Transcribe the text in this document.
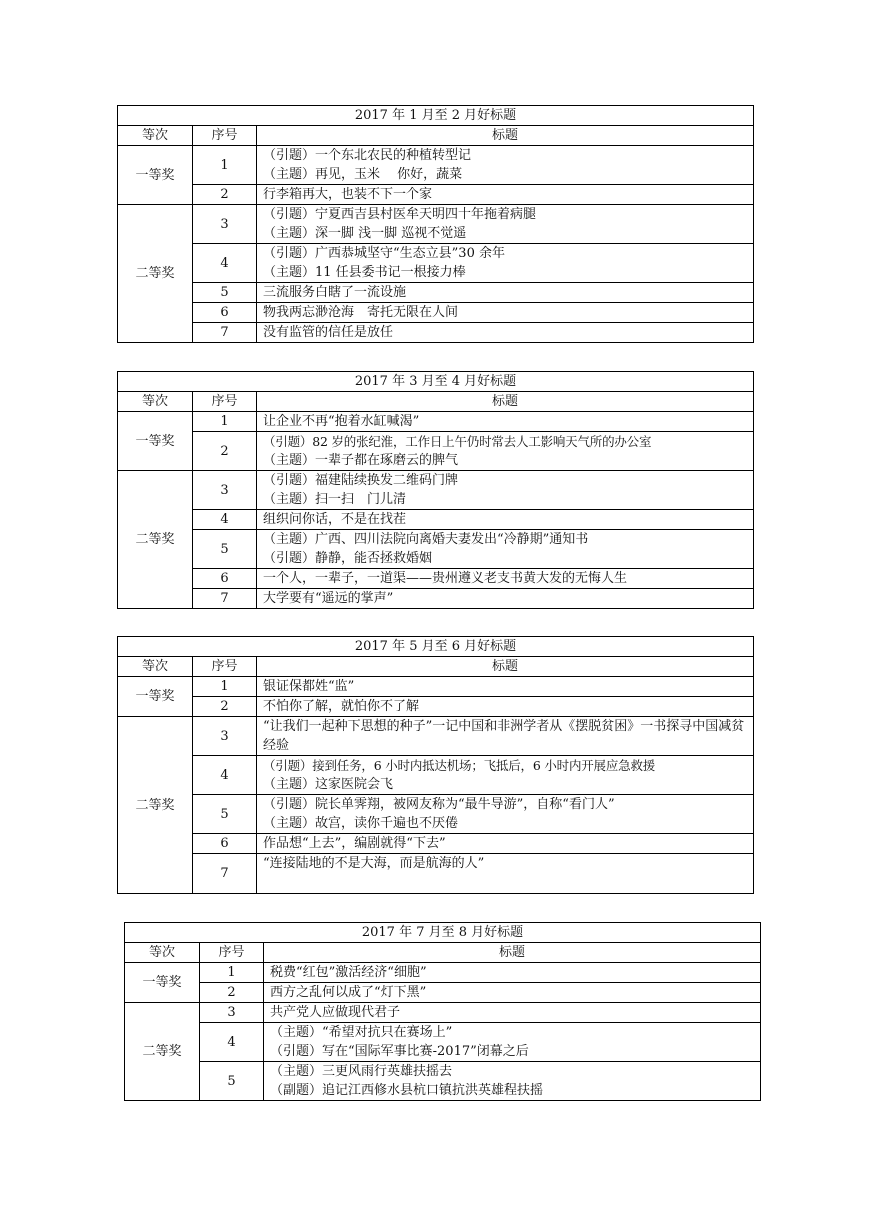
2017 年 1 月至 2 月好标题		
等次	序号	标题
一等奖	1	（引题）一个东北农民的种植转型记
（主题）再见，玉米　 你好，蔬菜

	2	行李箱再大，也装不下一个家

二等奖	3	（引题）宁夏西吉县村医牟天明四十年拖着病腿
（主题）深一脚 浅一脚 巡视不觉遥

	4	（引题）广西恭城坚守“生态立县”30 余年
（主题）11 任县委书记一根接力棒

	5	三流服务白瞎了一流设施

	6	物我两忘渺沧海　寄托无限在人间

	7	没有监管的信任是放任
2017 年 3 月至 4 月好标题		
等次	序号	标题
一等奖	1	让企业不再“抱着水缸喊渴”

	2	（引题）82 岁的张纪淮，工作日上午仍时常去人工影响天气所的办公室
（主题）一辈子都在琢磨云的脾气

二等奖	3	（引题）福建陆续换发二维码门牌
（主题）扫一扫　门儿清

	4	组织问你话，不是在找茬

	5	（主题）广西、四川法院向离婚夫妻发出“冷静期”通知书
（引题）静静，能否拯救婚姻

	6	一个人，一辈子，一道渠——贵州遵义老支书黄大发的无悔人生

	7	大学要有“遥远的掌声”
2017 年 5 月至 6 月好标题		
等次	序号	标题
一等奖	1	银证保都姓“监”

	2	不怕你了解，就怕你不了解

二等奖	3	“让我们一起种下思想的种子”一记中国和非洲学者从《摆脱贫困》一书探寻中国减贫经验

	4	（引题）接到任务，6 小时内抵达机场；飞抵后，6 小时内开展应急救援
（主题）这家医院会飞

	5	（引题）院长单霁翔，被网友称为“最牛导游”，自称“看门人”
（主题）故宫，读你千遍也不厌倦

	6	作品想“上去”，编剧就得“下去”

	7	“连接陆地的不是大海，而是航海的人”
2017 年 7 月至 8 月好标题		
等次	序号	标题
一等奖	1	税费“红包”激活经济“细胞”

	2	西方之乱何以成了“灯下黑”

二等奖	3	共产党人应做现代君子

	4	（主题）“希望对抗只在赛场上”
（引题）写在“国际军事比赛-2017”闭幕之后

	5	（主题）三更风雨行英雄扶摇去
（副题）追记江西修水县杭口镇抗洪英雄程扶摇
